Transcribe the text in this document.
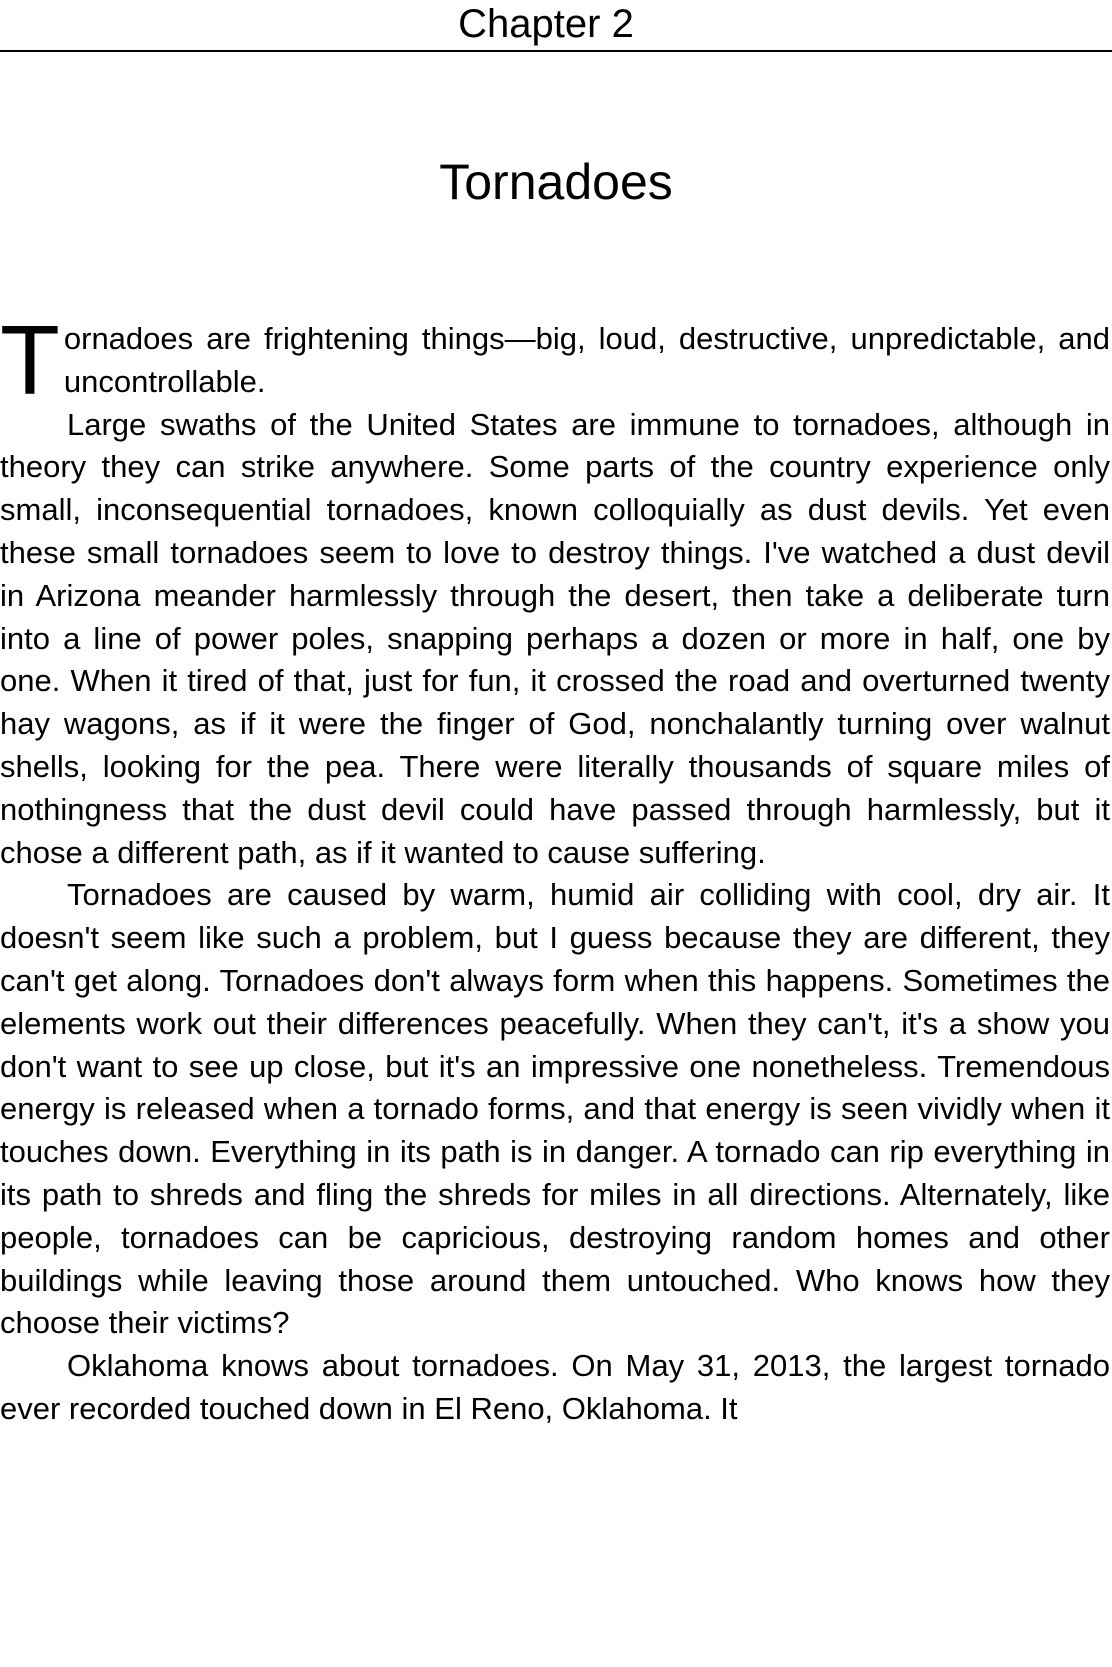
Chapter 2
Tornadoes

Tornadoes are frightening things—big, loud, destructive, unpredictable, and uncontrollable.

Large swaths of the United States are immune to tornadoes, although in theory they can strike anywhere. Some parts of the country experience only small, inconsequential tornadoes, known colloquially as dust devils. Yet even these small tornadoes seem to love to destroy things. I've watched a dust devil in Arizona meander harmlessly through the desert, then take a deliberate turn into a line of power poles, snapping perhaps a dozen or more in half, one by one. When it tired of that, just for fun, it crossed the road and overturned twenty hay wagons, as if it were the finger of God, nonchalantly turning over walnut shells, looking for the pea. There were literally thousands of square miles of nothingness that the dust devil could have passed through harmlessly, but it chose a different path, as if it wanted to cause suffering.

Tornadoes are caused by warm, humid air colliding with cool, dry air. It doesn't seem like such a problem, but I guess because they are different, they can't get along. Tornadoes don't always form when this happens. Sometimes the elements work out their differences peacefully. When they can't, it's a show you don't want to see up close, but it's an impressive one nonetheless. Tremendous energy is released when a tornado forms, and that energy is seen vividly when it touches down. Everything in its path is in danger. A tornado can rip everything in its path to shreds and fling the shreds for miles in all directions. Alternately, like people, tornadoes can be capricious, destroying random homes and other buildings while leaving those around them untouched. Who knows how they choose their victims?

Oklahoma knows about tornadoes. On May 31, 2013, the largest tornado ever recorded touched down in El Reno, Oklahoma. It
